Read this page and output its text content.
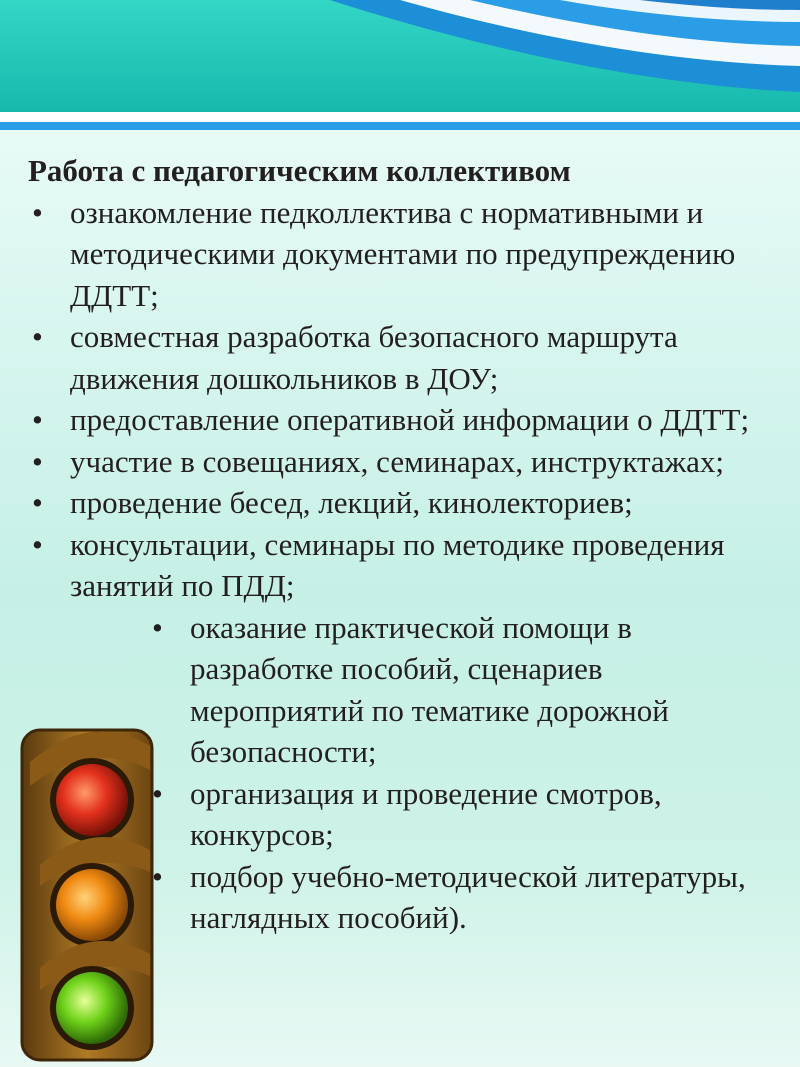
Работа с педагогическим коллективом

• ознакомление педколлектива с нормативными и методическими документами по предупреждению ДДТТ;
• совместная разработка безопасного маршрута движения дошкольников в ДОУ;
• предоставление оперативной информации о ДДТТ;
• участие в совещаниях, семинарах, инструктажах;
• проведение бесед, лекций, кинолекториев;
• консультации, семинары по методике проведения занятий по ПДД;
• оказание практической помощи в разработке пособий, сценариев мероприятий по тематике дорожной безопасности;
• организация и проведение смотров, конкурсов;
• подбор учебно-методической литературы, наглядных пособий).
